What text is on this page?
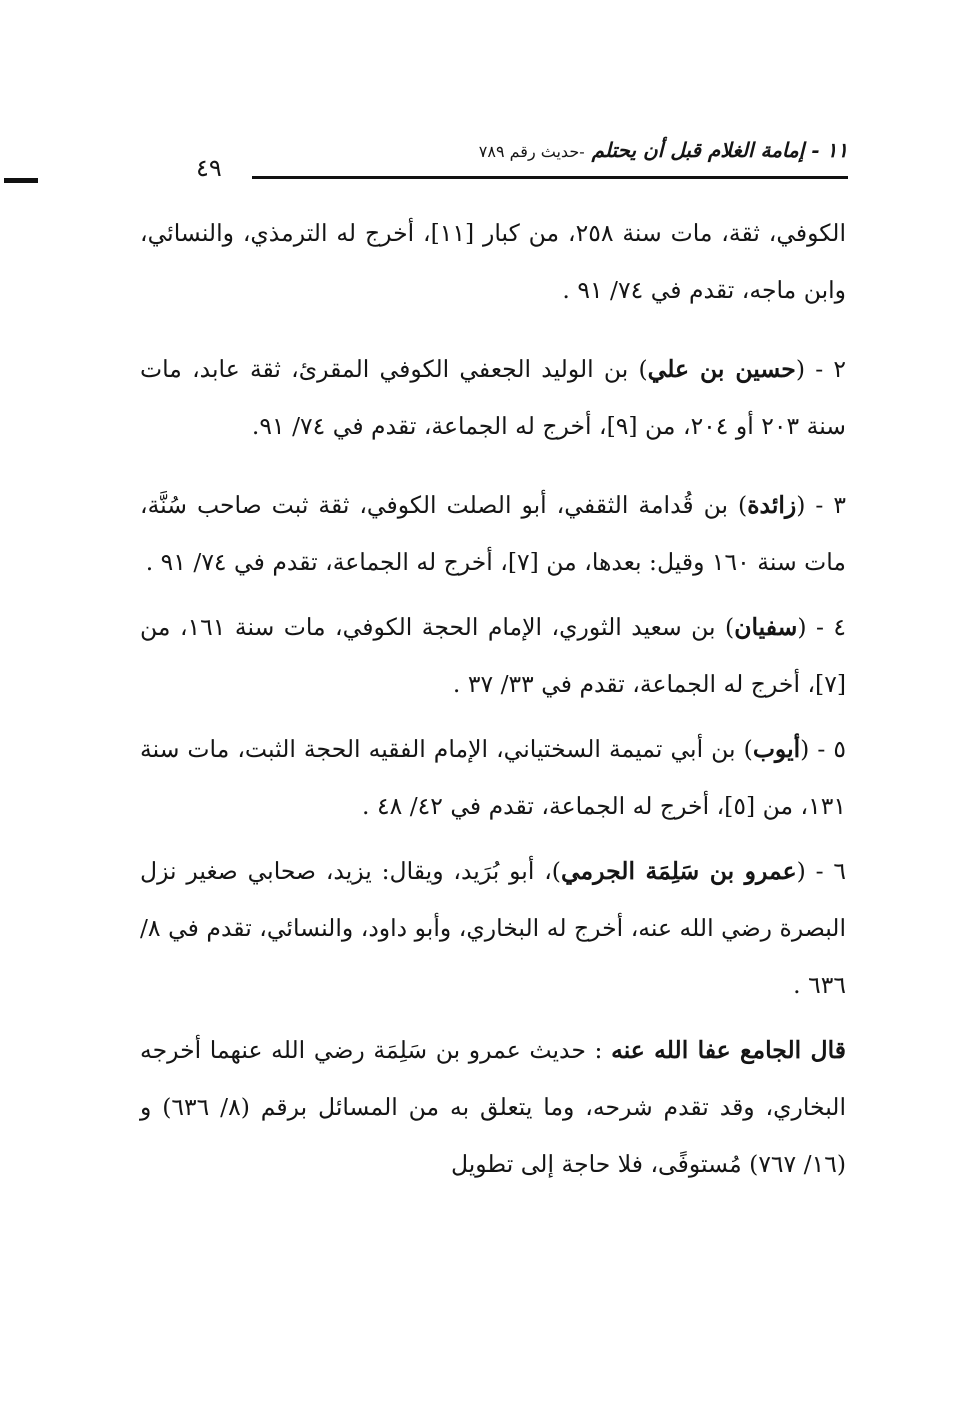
١١ - إمامة الغلام قبل أن يحتلم -حديث رقم ٧٨٩
٤٩

الكوفي، ثقة، مات سنة ٢٥٨، من كبار [١١]، أخرج له الترمذي، والنسائي، وابن ماجه، تقدم في ٧٤/ ٩١ .

٢ - (حسين بن علي) بن الوليد الجعفي الكوفي المقرئ، ثقة عابد، مات سنة ٢٠٣ أو ٢٠٤، من [٩]، أخرج له الجماعة، تقدم في ٧٤/ ٩١.

٣ - (زائدة) بن قُدامة الثقفي، أبو الصلت الكوفي، ثقة ثبت صاحب سُنَّة، مات سنة ١٦٠ وقيل: بعدها، من [٧]، أخرج له الجماعة، تقدم في ٧٤/ ٩١ .

٤ - (سفيان) بن سعيد الثوري، الإمام الحجة الكوفي، مات سنة ١٦١، من [٧]، أخرج له الجماعة، تقدم في ٣٣/ ٣٧ .

٥ - (أيوب) بن أبي تميمة السختياني، الإمام الفقيه الحجة الثبت، مات سنة ١٣١، من [٥]، أخرج له الجماعة، تقدم في ٤٢/ ٤٨ .

٦ - (عمرو بن سَلِمَة الجرمي)، أبو بُرَيد، ويقال: يزيد، صحابي صغير نزل البصرة رضي الله عنه، أخرج له البخاري، وأبو داود، والنسائي، تقدم في ٨/ ٦٣٦ .

قال الجامع عفا الله عنه : حديث عمرو بن سَلِمَة رضي الله عنهما أخرجه البخاري، وقد تقدم شرحه، وما يتعلق به من المسائل برقم (٨/ ٦٣٦) و (١٦/ ٧٦٧) مُستوفًى، فلا حاجة إلى تطويل
